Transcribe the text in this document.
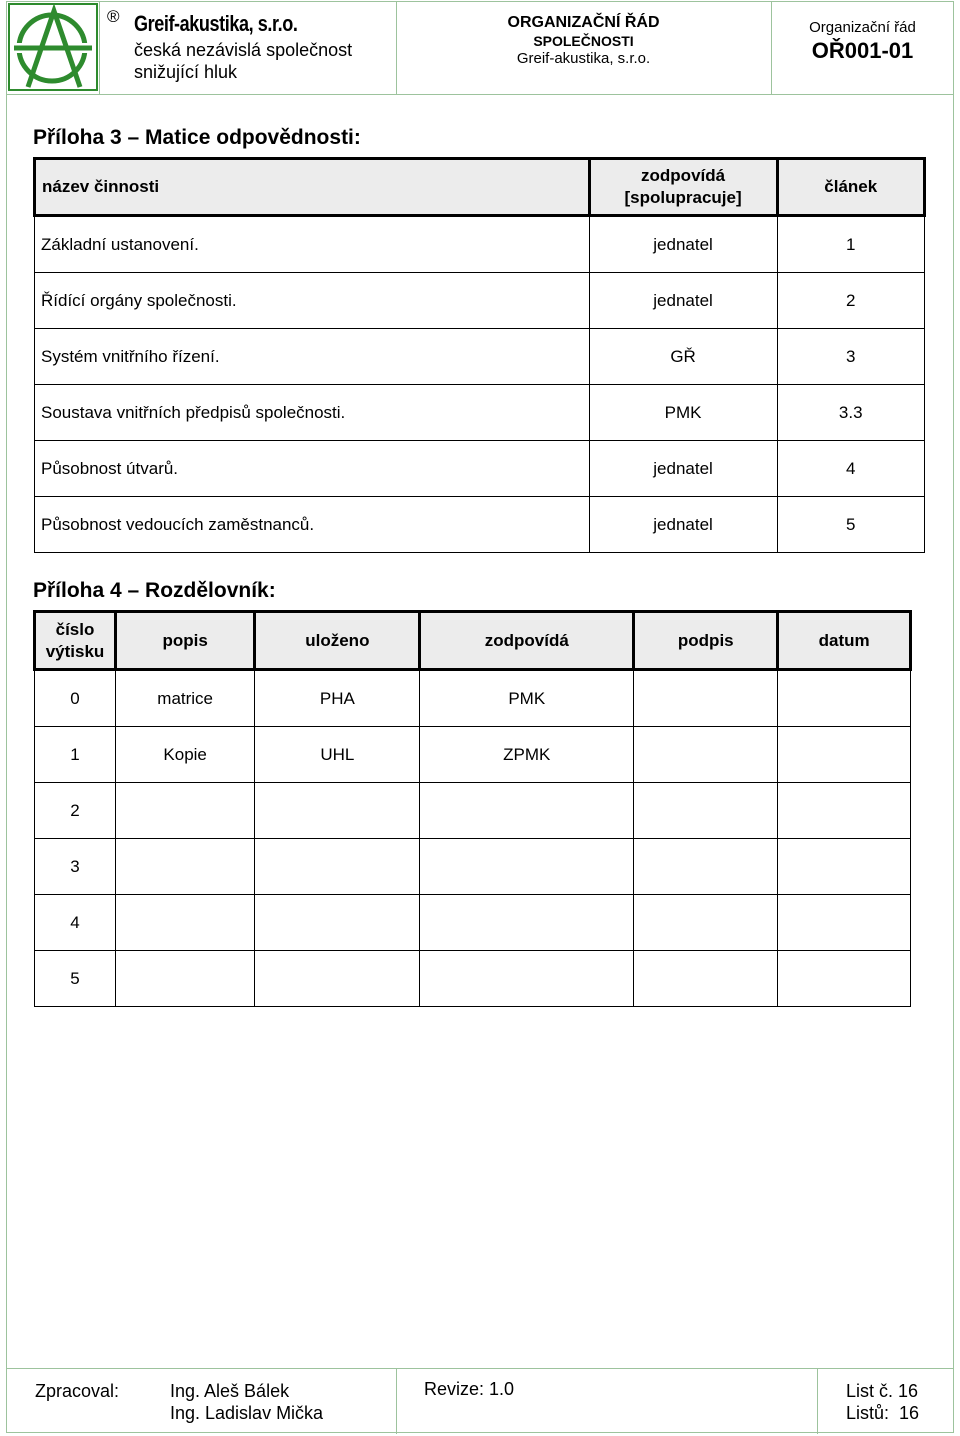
® Greif-akustika, s.r.o.
česká nezávislá společnost
snižující hluk
ORGANIZAČNÍ ŘÁD
SPOLEČNOSTI
Greif-akustika, s.r.o.
Organizační řád
OŘ001-01
Příloha 3 – Matice odpovědnosti:
název činnosti	zodpovídá [spolupracuje]	článek
Základní ustanovení.	jednatel	1
Řídící orgány společnosti.	jednatel	2
Systém vnitřního řízení.	GŘ	3
Soustava vnitřních předpisů společnosti.	PMK	3.3
Působnost útvarů.	jednatel	4
Působnost vedoucích zaměstnanců.	jednatel	5
Příloha 4 – Rozdělovník:
číslo výtisku	popis	uloženo	zodpovídá	podpis	datum
0	matrice	PHA	PMK		
1	Kopie	UHL	ZPMK		
2					
3					
4					
5					
Zpracoval:	Ing. Aleš Bálek
Ing. Ladislav Mička
Revize: 1.0	List č. 16
Listů:  16
